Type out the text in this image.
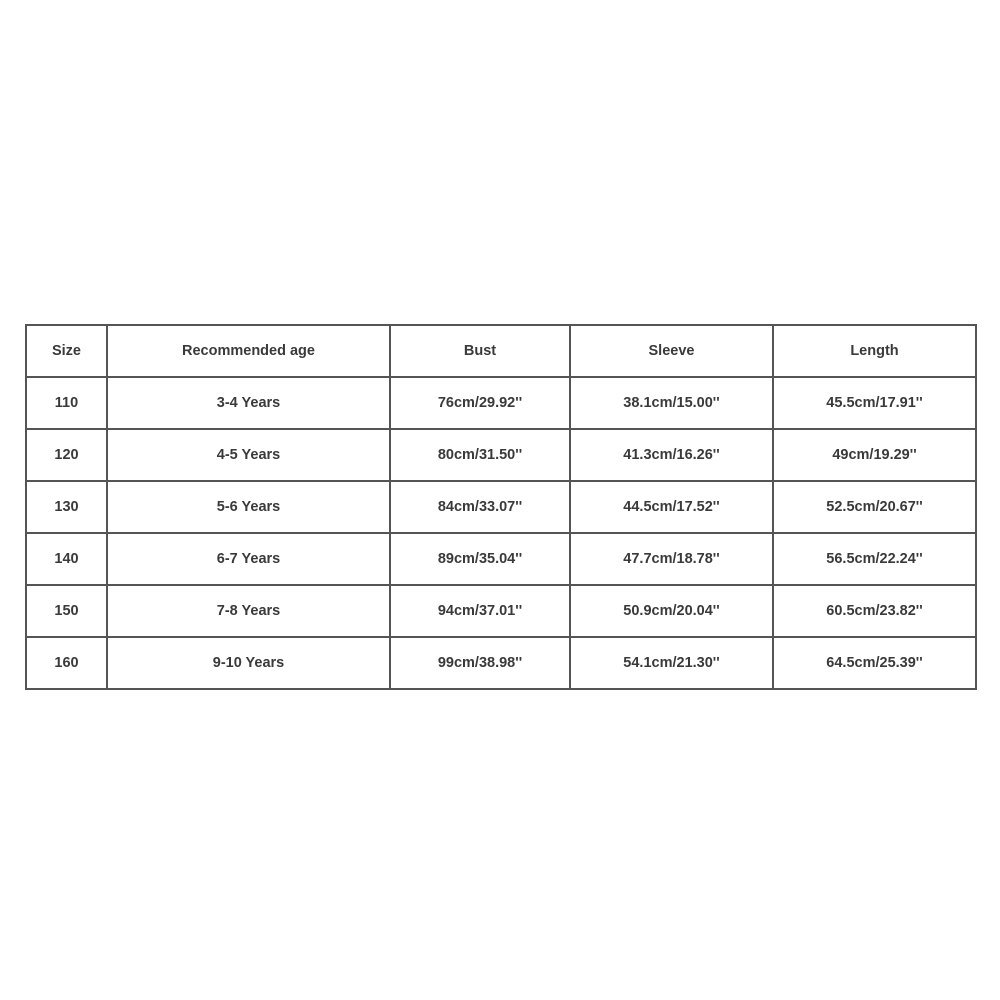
Size	Recommended age	Bust	Sleeve	Length
110	3-4 Years	76cm/29.92''	38.1cm/15.00''	45.5cm/17.91''
120	4-5 Years	80cm/31.50''	41.3cm/16.26''	49cm/19.29''
130	5-6 Years	84cm/33.07''	44.5cm/17.52''	52.5cm/20.67''
140	6-7 Years	89cm/35.04''	47.7cm/18.78''	56.5cm/22.24''
150	7-8 Years	94cm/37.01''	50.9cm/20.04''	60.5cm/23.82''
160	9-10 Years	99cm/38.98''	54.1cm/21.30''	64.5cm/25.39''
